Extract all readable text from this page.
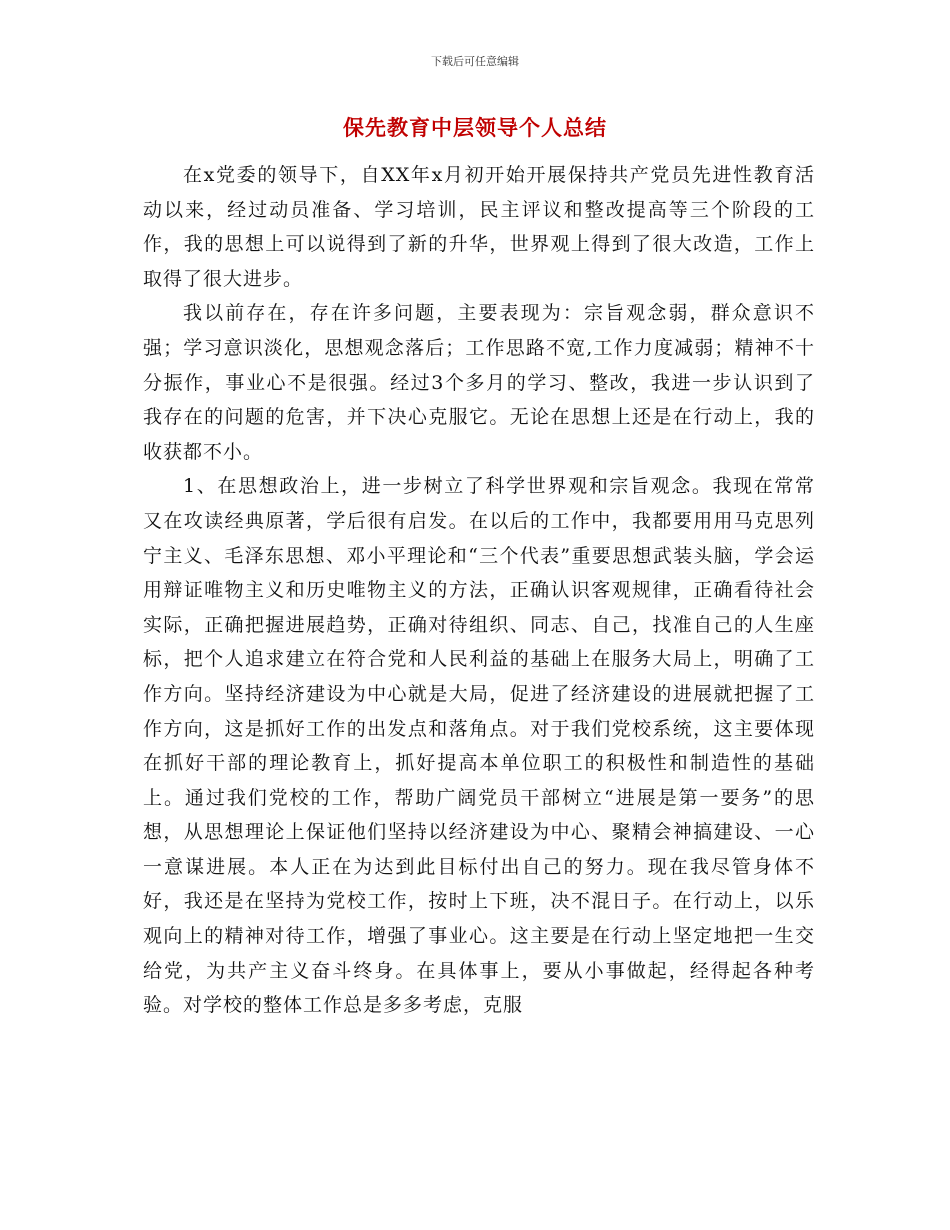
下载后可任意编辑
保先教育中层领导个人总结

在x党委的领导下，自XX年x月初开始开展保持共产党员先进性教育活动以来，经过动员准备、学习培训，民主评议和整改提高等三个阶段的工作，我的思想上可以说得到了新的升华，世界观上得到了很大改造，工作上取得了很大进步。

我以前存在，存在许多问题，主要表现为：宗旨观念弱，群众意识不强；学习意识淡化，思想观念落后；工作思路不宽,工作力度减弱；精神不十分振作，事业心不是很强。经过3个多月的学习、整改，我进一步认识到了我存在的问题的危害，并下决心克服它。无论在思想上还是在行动上，我的收获都不小。

1、在思想政治上，进一步树立了科学世界观和宗旨观念。我现在常常又在攻读经典原著，学后很有启发。在以后的工作中，我都要用用马克思列宁主义、毛泽东思想、邓小平理论和“三个代表”重要思想武装头脑，学会运用辩证唯物主义和历史唯物主义的方法，正确认识客观规律，正确看待社会实际，正确把握进展趋势，正确对待组织、同志、自己，找准自己的人生座标，把个人追求建立在符合党和人民利益的基础上在服务大局上，明确了工作方向。坚持经济建设为中心就是大局，促进了经济建设的进展就把握了工作方向，这是抓好工作的出发点和落角点。对于我们党校系统，这主要体现在抓好干部的理论教育上，抓好提高本单位职工的积极性和制造性的基础上。通过我们党校的工作，帮助广阔党员干部树立“进展是第一要务”的思想，从思想理论上保证他们坚持以经济建设为中心、聚精会神搞建设、一心一意谋进展。本人正在为达到此目标付出自己的努力。现在我尽管身体不好，我还是在坚持为党校工作，按时上下班，决不混日子。在行动上，以乐观向上的精神对待工作，增强了事业心。这主要是在行动上坚定地把一生交给党，为共产主义奋斗终身。在具体事上，要从小事做起，经得起各种考验。对学校的整体工作总是多多考虑，克服
